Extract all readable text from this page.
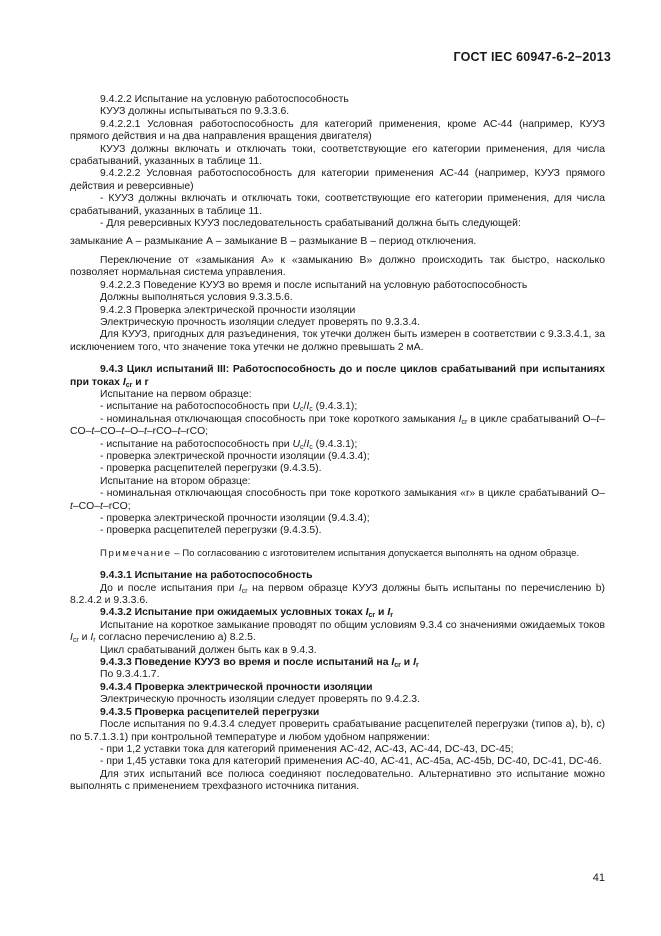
ГОСТ IEC 60947-6-2−2013

9.4.2.2 Испытание на условную работоспособность

КУУЗ должны испытываться по 9.3.3.6.

9.4.2.2.1 Условная работоспособность для категорий применения, кроме АС-44 (например, КУУЗ прямого действия и на два направления вращения двигателя)

КУУЗ должны включать и отключать токи, соответствующие его категории применения, для числа срабатываний, указанных в таблице 11.

9.4.2.2.2 Условная работоспособность для категории применения АС-44 (например, КУУЗ прямого действия и реверсивные)

- КУУЗ должны включать и отключать токи, соответствующие его категории применения, для числа срабатываний, указанных в таблице 11.

- Для реверсивных КУУЗ последовательность срабатываний должна быть следующей:

замыкание А – размыкание А – замыкание В – размыкание В – период отключения.

Переключение от «замыкания А» к «замыканию В» должно происходить так быстро, насколько позволяет нормальная система управления.

9.4.2.2.3 Поведение КУУЗ во время и после испытаний на условную работоспособность

Должны выполняться условия 9.3.3.5.6.

9.4.2.3 Проверка электрической прочности изоляции

Электрическую прочность изоляции следует проверять по 9.3.3.4.

Для КУУЗ, пригодных для разъединения, ток утечки должен быть измерен в соответствии с 9.3.3.4.1, за исключением того, что значение тока утечки не должно превышать 2 мА.

9.4.3 Цикл испытаний III: Работоспособность до и после циклов срабатываний при испытаниях при токах $I_{cr}$ и r

Испытание на первом образце:

- испытание на работоспособность при $U_c/I_c$ (9.4.3.1);

- номинальная отключающая способность при токе короткого замыкания $I_{cr}$ в цикле срабатываний O–t–CO–t–CO–t–O–t–rCO–t–rCO;

- испытание на работоспособность при $U_c/I_c$ (9.4.3.1);

- проверка электрической прочности изоляции (9.4.3.4);

- проверка расцепителей перегрузки (9.4.3.5).

Испытание на втором образце:

- номинальная отключающая способность при токе короткого замыкания «r» в цикле срабатываний O–t–CO–t–rCO;

- проверка электрической прочности изоляции (9.4.3.4);

- проверка расцепителей перегрузки (9.4.3.5).

Примечание – По согласованию с изготовителем испытания допускается выполнять на одном образце.

9.4.3.1 Испытание на работоспособность

До и после испытания при $I_{cr}$ на первом образце КУУЗ должны быть испытаны по перечислению b) 8.2.4.2 и 9.3.3.6.

9.4.3.2 Испытание при ожидаемых условных токах $I_{cr}$ и $I_r$

Испытание на короткое замыкание проводят по общим условиям 9.3.4 со значениями ожидаемых токов $I_{cr}$ и $I_r$ согласно перечислению а) 8.2.5.

Цикл срабатываний должен быть как в 9.4.3.

9.4.3.3 Поведение КУУЗ во время и после испытаний на $I_{cr}$ и $I_r$

По 9.3.4.1.7.

9.4.3.4 Проверка электрической прочности изоляции

Электрическую прочность изоляции следует проверять по 9.4.2.3.

9.4.3.5 Проверка расцепителей перегрузки

После испытания по 9.4.3.4 следует проверить срабатывание расцепителей перегрузки (типов а), b), с) по 5.7.1.3.1) при контрольной температуре и любом удобном напряжении:

- при 1,2 уставки тока для категорий применения АС-42, АС-43, АС-44, DC-43, DC-45;

- при 1,45 уставки тока для категорий применения АС-40, АС-41, АС-45а, АС-45b, DC-40, DC-41, DC-46.

Для этих испытаний все полюса соединяют последовательно. Альтернативно это испытание можно выполнять с применением трехфазного источника питания.

41
